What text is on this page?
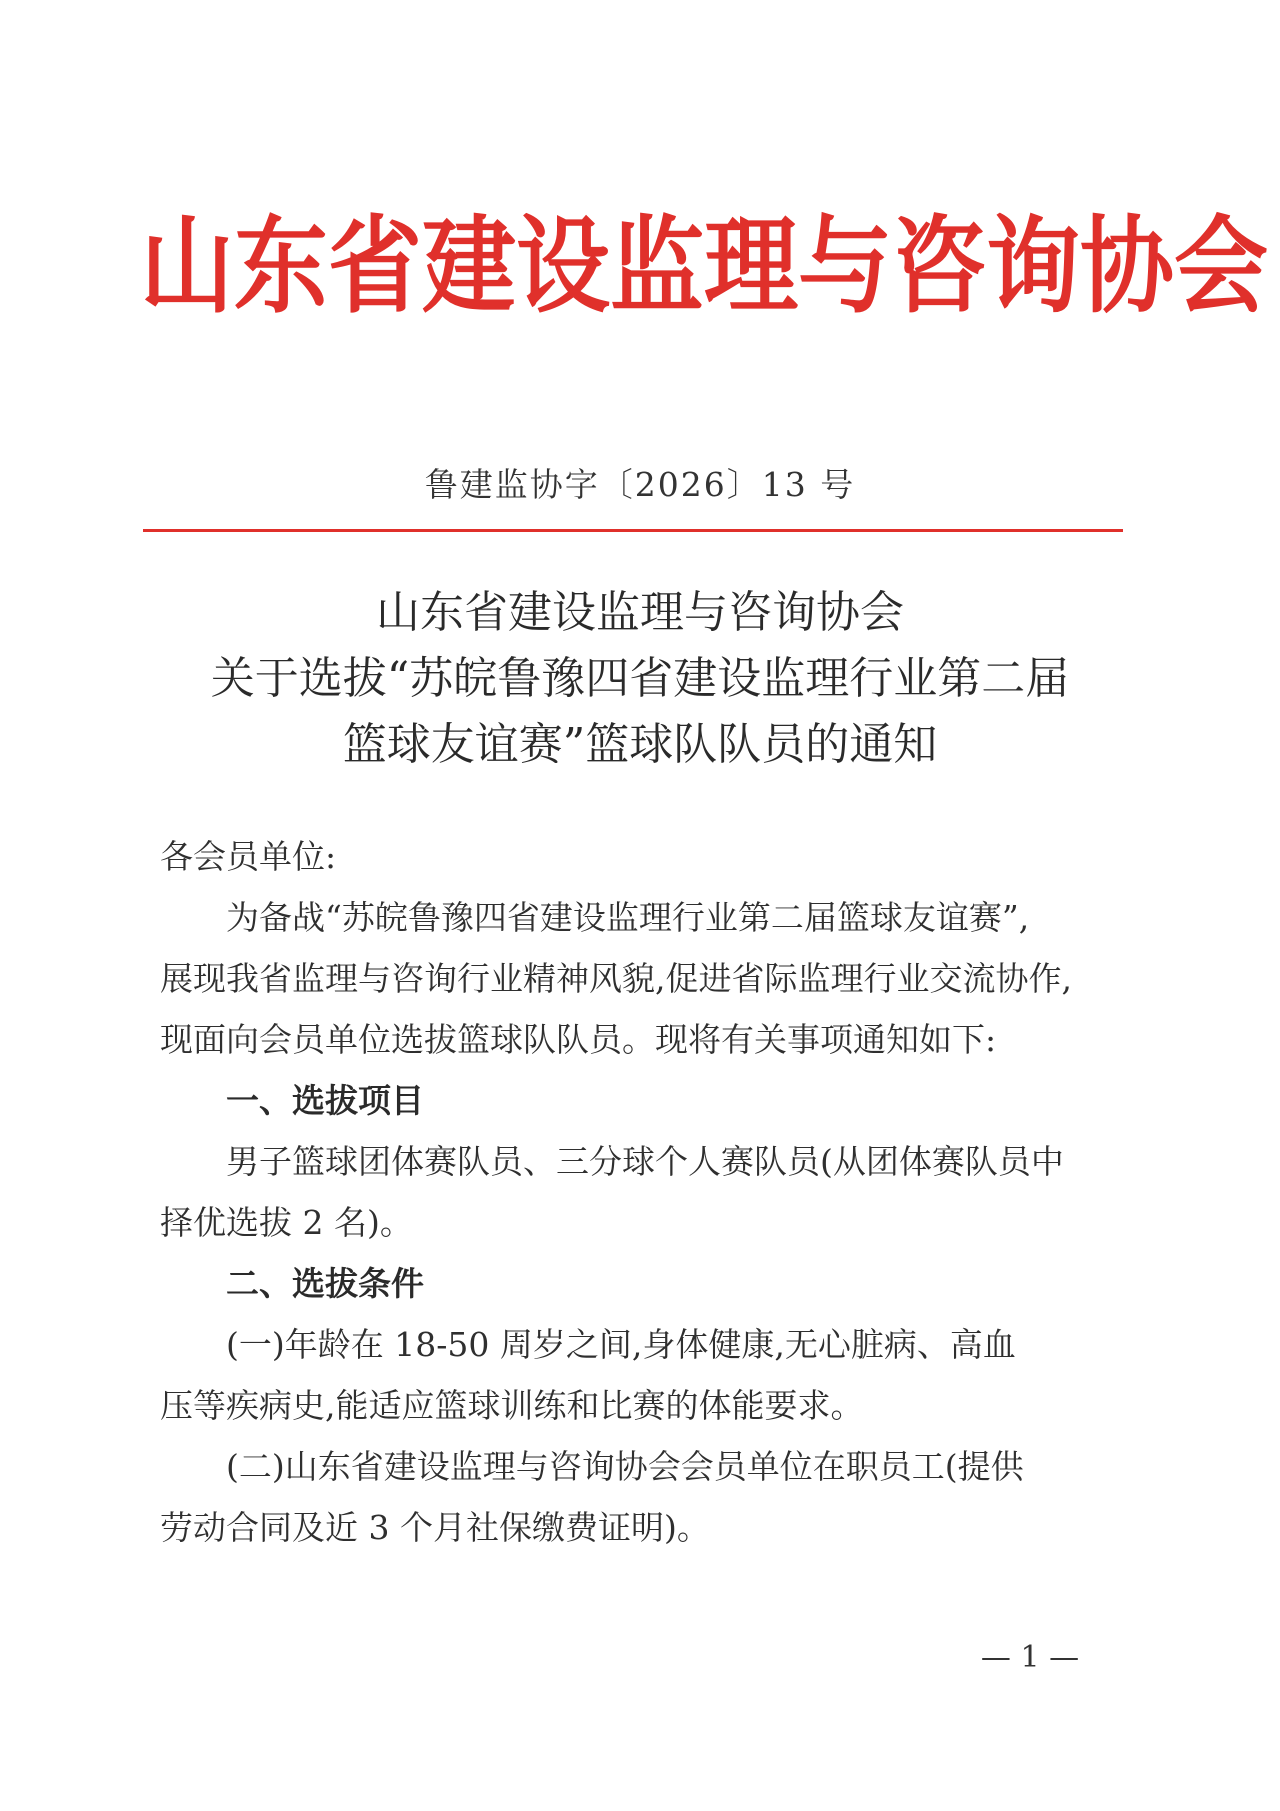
山东省建设监理与咨询协会
鲁建监协字〔2026〕13 号
山东省建设监理与咨询协会
关于选拔“苏皖鲁豫四省建设监理行业第二届
篮球友谊赛”篮球队队员的通知

各会员单位:

为备战“苏皖鲁豫四省建设监理行业第二届篮球友谊赛”,

展现我省监理与咨询行业精神风貌,促进省际监理行业交流协作,

现面向会员单位选拔篮球队队员。现将有关事项通知如下:

一、选拔项目

男子篮球团体赛队员、三分球个人赛队员(从团体赛队员中

择优选拔 2 名)。

二、选拔条件

(一)年龄在 18-50 周岁之间,身体健康,无心脏病、高血

压等疾病史,能适应篮球训练和比赛的体能要求。

(二)山东省建设监理与咨询协会会员单位在职员工(提供

劳动合同及近 3 个月社保缴费证明)。

— 1 —
